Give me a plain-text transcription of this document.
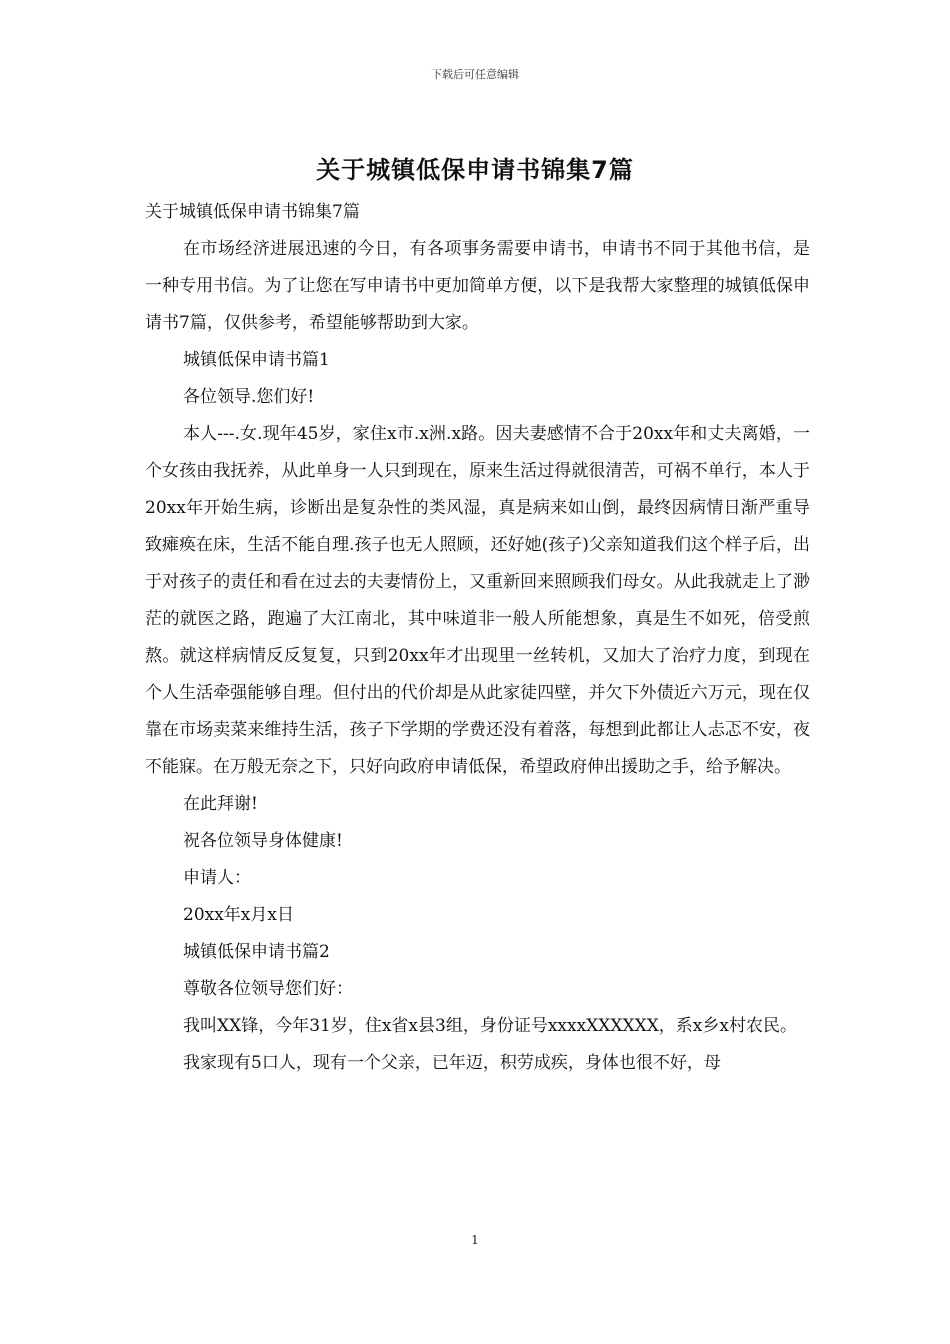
下载后可任意编辑
关于城镇低保申请书锦集7篇

关于城镇低保申请书锦集7篇

在市场经济进展迅速的今日，有各项事务需要申请书，申请书不同于其他书信，是一种专用书信。为了让您在写申请书中更加简单方便，以下是我帮大家整理的城镇低保申请书7篇，仅供参考，希望能够帮助到大家。

城镇低保申请书篇1

各位领导.您们好!

本人---.女.现年45岁，家住x市.x洲.x路。因夫妻感情不合于20xx年和丈夫离婚，一个女孩由我抚养，从此单身一人只到现在，原来生活过得就很清苦，可祸不单行，本人于20xx年开始生病，诊断出是复杂性的类风湿，真是病来如山倒，最终因病情日渐严重导致瘫痪在床，生活不能自理.孩子也无人照顾，还好她(孩子)父亲知道我们这个样子后，出于对孩子的责任和看在过去的夫妻情份上，又重新回来照顾我们母女。从此我就走上了渺茫的就医之路，跑遍了大江南北，其中味道非一般人所能想象，真是生不如死，倍受煎熬。就这样病情反反复复，只到20xx年才出现里一丝转机，又加大了治疗力度，到现在个人生活牵强能够自理。但付出的代价却是从此家徒四壁，并欠下外债近六万元，现在仅靠在市场卖菜来维持生活，孩子下学期的学费还没有着落，每想到此都让人忐忑不安，夜不能寐。在万般无奈之下，只好向政府申请低保，希望政府伸出援助之手，给予解决。

在此拜谢!

祝各位领导身体健康!

申请人：

20xx年x月x日

城镇低保申请书篇2

尊敬各位领导您们好：

我叫XX锋，今年31岁，住x省x县3组，身份证号xxxxXXXXXX，系x乡x村农民。

我家现有5口人，现有一个父亲，已年迈，积劳成疾，身体也很不好，母

1
